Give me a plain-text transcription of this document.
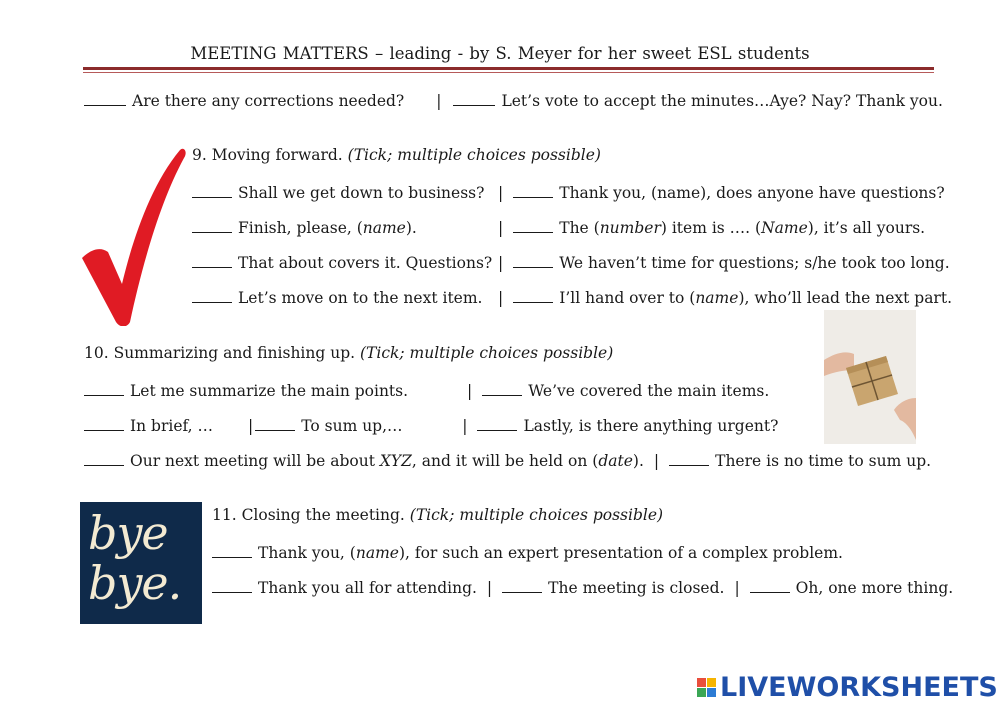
MEETING MATTERS – leading - by S. Meyer for her sweet ESL students
Are there any corrections needed? |	Let’s vote to accept the minutes…Aye? Nay? Thank you.
9. Moving forward.
(Tick; multiple choices possible)
Shall we get down to business? |	Thank you, (name), does anyone have questions?
Finish, please, (name).	|	The (number) item is …. (Name), it’s all yours.
That about covers it. Questions? |	We haven’t time for questions; s/he took too long.
Let’s move on to the next item.	|	I’ll hand over to (name), who’ll lead the next part.
10. Summarizing and finishing up.
(Tick; multiple choices possible)
Let me summarize the main points.	|	We’ve covered the main items.
In brief, …	|	To sum up,…	|	Lastly, is there anything urgent?
Our next meeting will be about XYZ, and it will be held on (date). |	There is no time to sum up.
bye
bye.
11. Closing the meeting.
(Tick; multiple choices possible)
Thank you, (name), for such an expert presentation of a complex problem.
Thank you all for attending. |	The meeting is closed. |	Oh, one more thing.
LIVEWORKSHEETS
